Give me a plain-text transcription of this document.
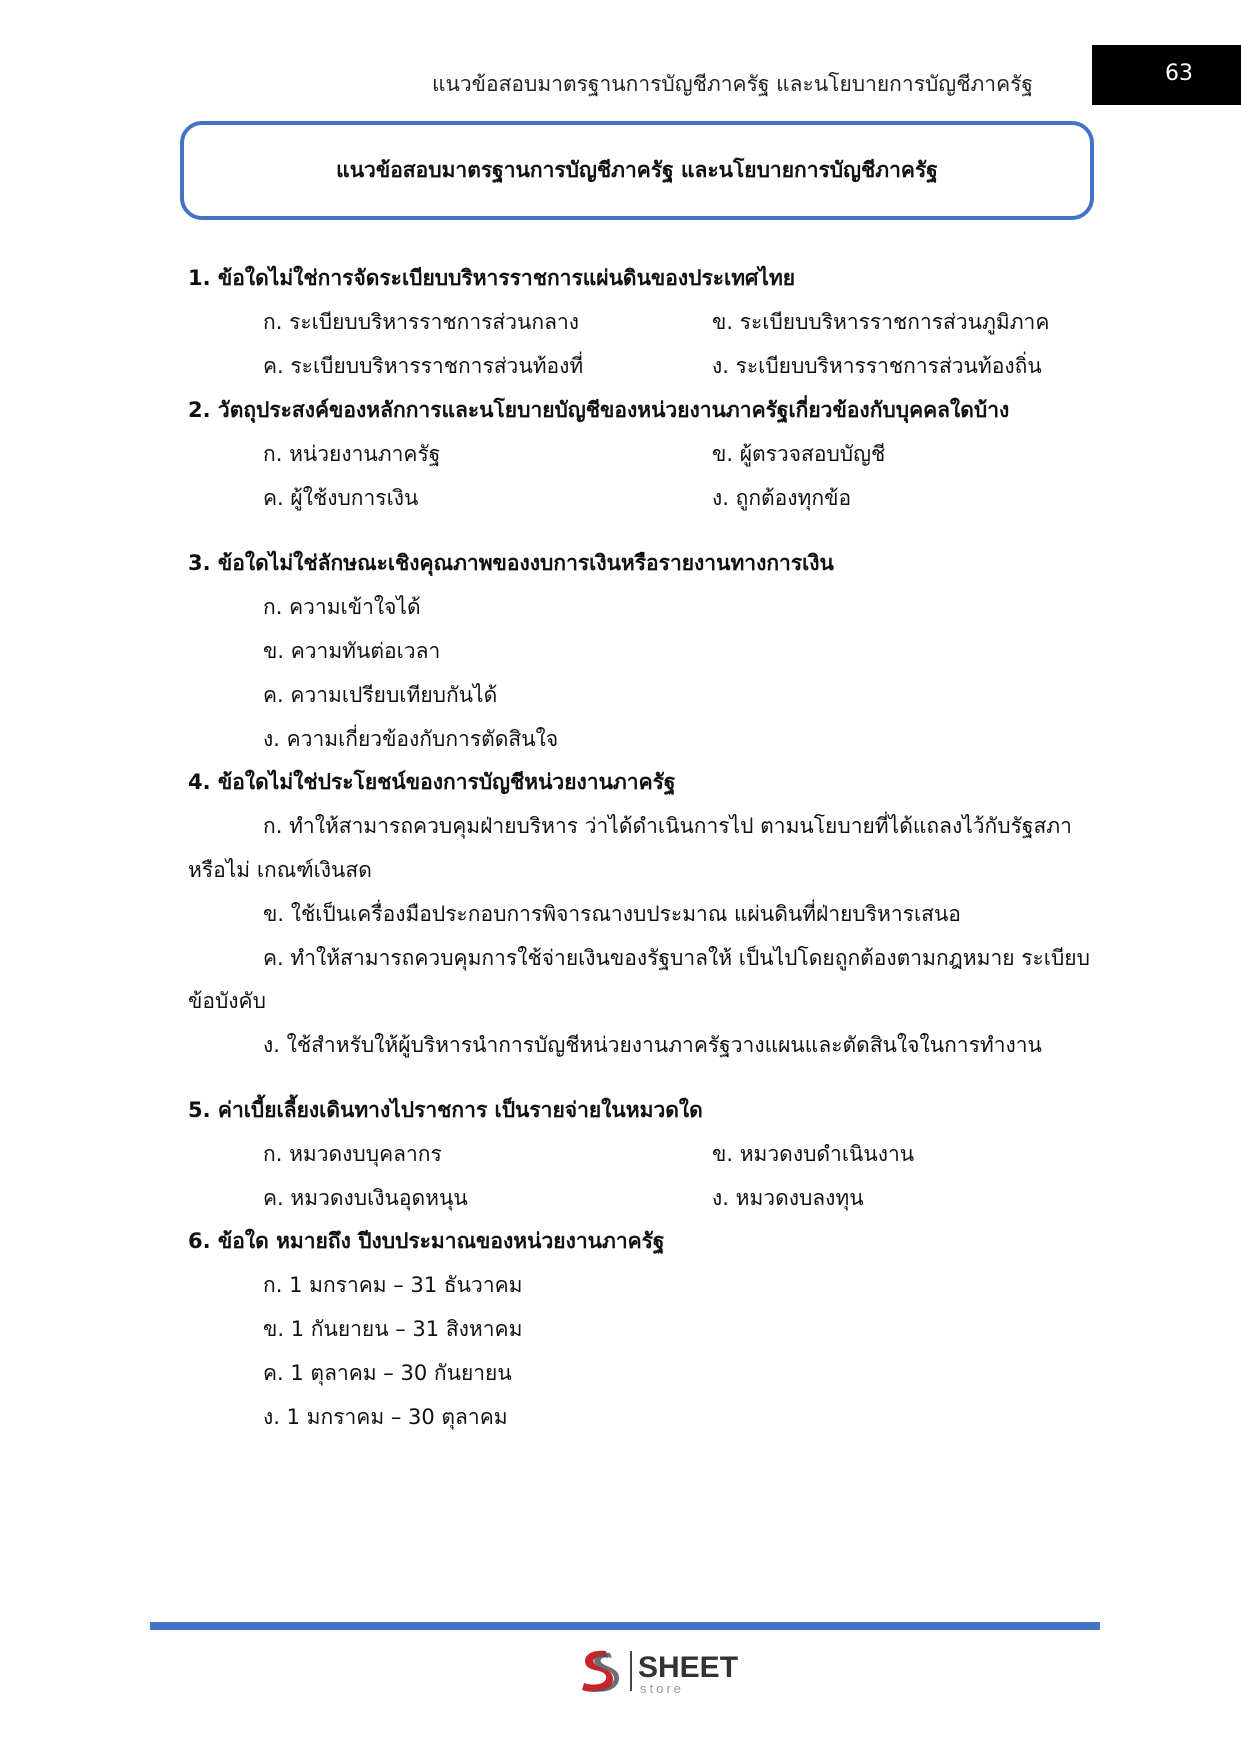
แนวข้อสอบมาตรฐานการบัญชีภาครัฐ และนโยบายการบัญชีภาครัฐ	63
แนวข้อสอบมาตรฐานการบัญชีภาครัฐ และนโยบายการบัญชีภาครัฐ
1. ข้อใดไม่ใช่การจัดระเบียบบริหารราชการแผ่นดินของประเทศไทย
ก. ระเบียบบริหารราชการส่วนกลาง	ข. ระเบียบบริหารราชการส่วนภูมิภาค
ค. ระเบียบบริหารราชการส่วนท้องที่	ง. ระเบียบบริหารราชการส่วนท้องถิ่น
2. วัตถุประสงค์ของหลักการและนโยบายบัญชีของหน่วยงานภาครัฐเกี่ยวข้องกับบุคคลใดบ้าง
ก. หน่วยงานภาครัฐ	ข. ผู้ตรวจสอบบัญชี
ค. ผู้ใช้งบการเงิน	ง. ถูกต้องทุกข้อ
3. ข้อใดไม่ใช่ลักษณะเชิงคุณภาพของงบการเงินหรือรายงานทางการเงิน
ก. ความเข้าใจได้
ข. ความทันต่อเวลา
ค. ความเปรียบเทียบกันได้
ง. ความเกี่ยวข้องกับการตัดสินใจ
4. ข้อใดไม่ใช่ประโยชน์ของการบัญชีหน่วยงานภาครัฐ
ก. ทำให้สามารถควบคุมฝ่ายบริหาร ว่าได้ดำเนินการไป ตามนโยบายที่ได้แถลงไว้กับรัฐสภา
หรือไม่ เกณฑ์เงินสด
ข. ใช้เป็นเครื่องมือประกอบการพิจารณางบประมาณ แผ่นดินที่ฝ่ายบริหารเสนอ
ค. ทำให้สามารถควบคุมการใช้จ่ายเงินของรัฐบาลให้ เป็นไปโดยถูกต้องตามกฎหมาย ระเบียบ
ข้อบังคับ
ง. ใช้สำหรับให้ผู้บริหารนำการบัญชีหน่วยงานภาครัฐวางแผนและตัดสินใจในการทำงาน
5. ค่าเบี้ยเลี้ยงเดินทางไปราชการ เป็นรายจ่ายในหมวดใด
ก. หมวดงบบุคลากร	ข. หมวดงบดำเนินงาน
ค. หมวดงบเงินอุดหนุน	ง. หมวดงบลงทุน
6. ข้อใด หมายถึง ปีงบประมาณของหน่วยงานภาครัฐ
ก. 1 มกราคม – 31 ธันวาคม
ข. 1 กันยายน – 31 สิงหาคม
ค. 1 ตุลาคม – 30 กันยายน
ง. 1 มกราคม – 30 ตุลาคม
SHEET
store
